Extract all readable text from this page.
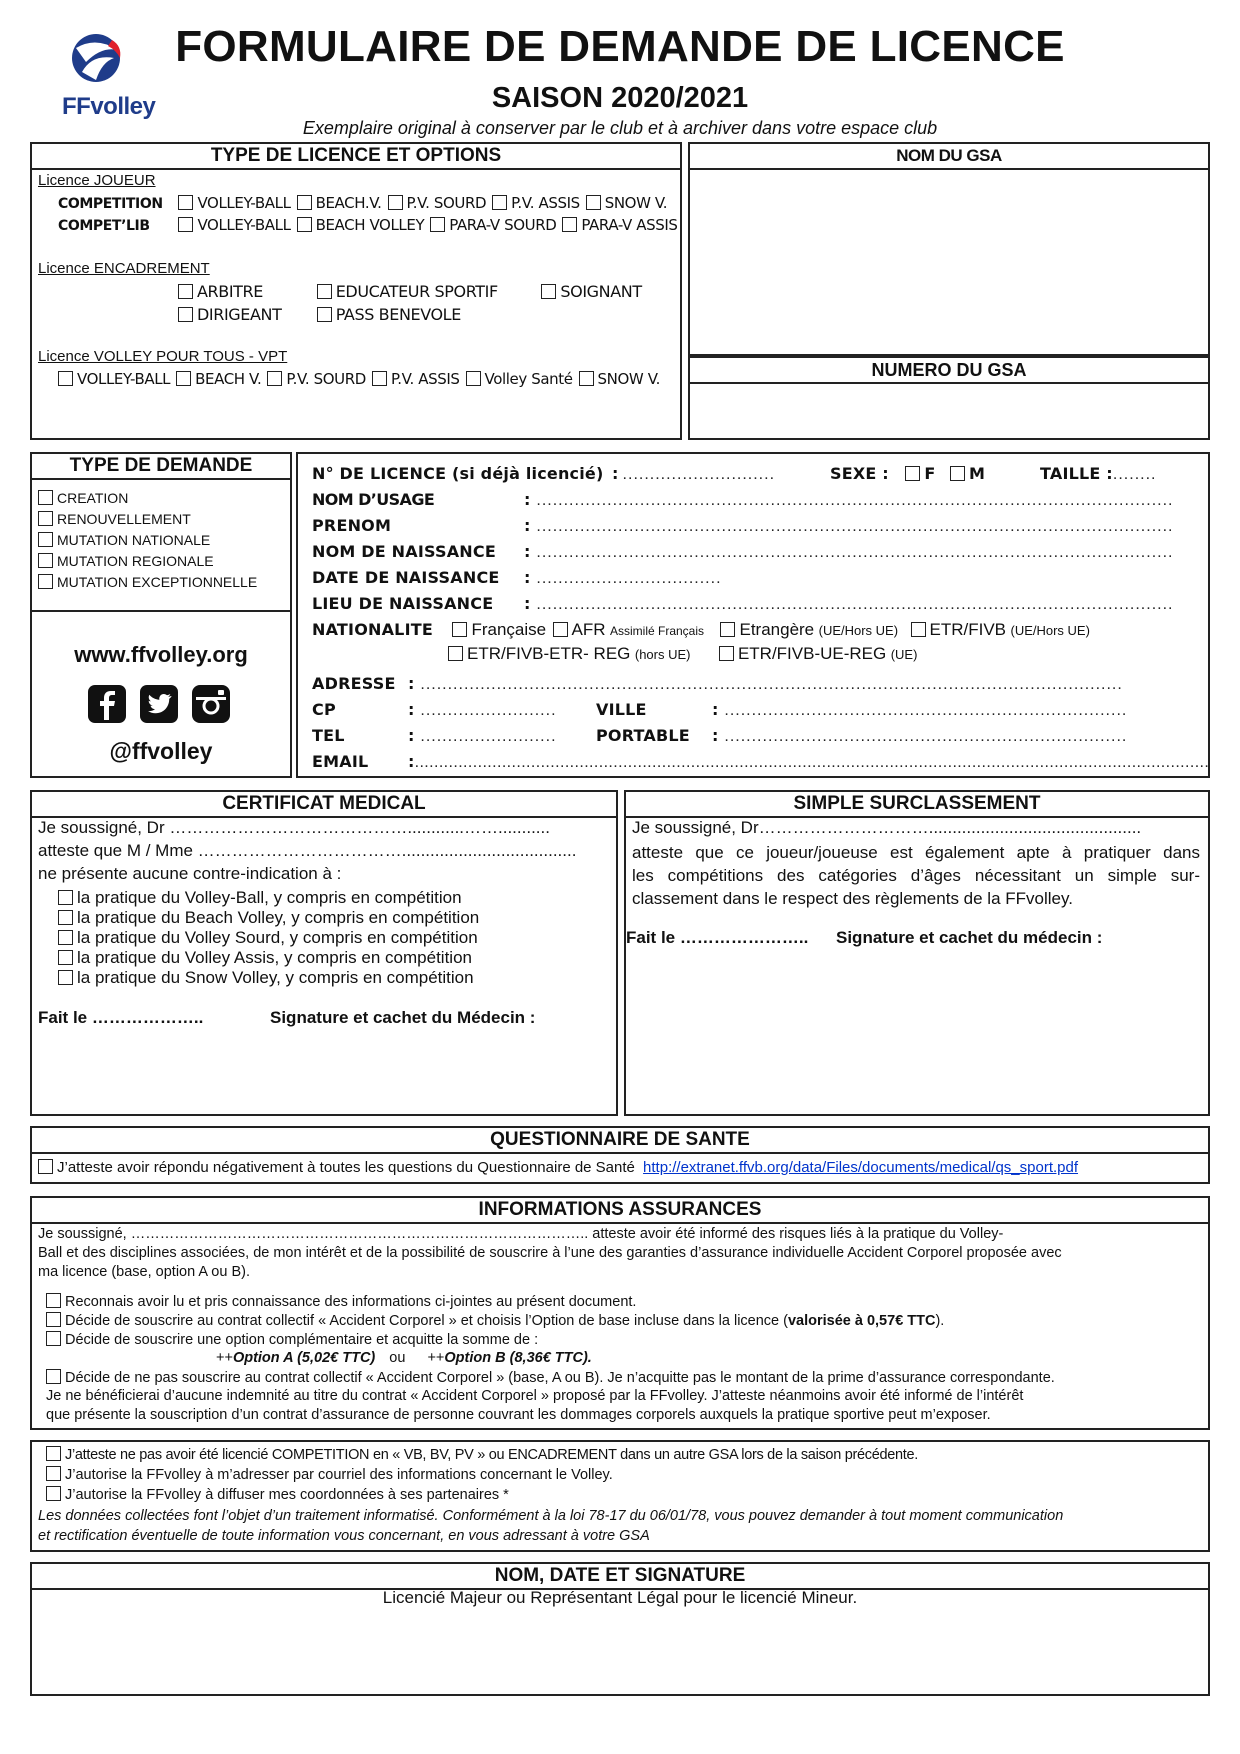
FFvolley
FORMULAIRE DE DEMANDE DE LICENCE
SAISON 2020/2021
Exemplaire original à conserver par le club et à archiver dans votre espace club
TYPE DE LICENCE ET OPTIONS
Licence JOUEUR
COMPETITION VOLLEY-BALL BEACH.V. P.V. SOURD P.V. ASSIS SNOW V.
COMPET’LIB	VOLLEY-BALL BEACH VOLLEY PARA-V SOURD PARA-V ASSIS
Licence ENCADREMENT
ARBITRE	EDUCATEUR SPORTIF	SOIGNANT
DIRIGEANT	PASS BENEVOLE
Licence VOLLEY POUR TOUS - VPT
VOLLEY-BALL BEACH V. P.V. SOURD P.V. ASSIS Volley Santé SNOW V.
NOM DU GSA
NUMERO DU GSA
TYPE DE DEMANDE
CREATION
RENOUVELLEMENT
MUTATION NATIONALE
MUTATION REGIONALE
MUTATION EXCEPTIONNELLE
www.ffvolley.org
@ffvolley
N° DE LICENCE (si déjà licencié) : ............................	SEXE : F M	TAILLE :........
NOM D’USAGE	: .....................................................................................................................
PRENOM	: .....................................................................................................................
NOM DE NAISSANCE : .....................................................................................................................
DATE DE NAISSANCE : ..................................
LIEU DE NAISSANCE : .....................................................................................................................
NATIONALITE Française AFR Assimilé Français Etrangère (UE/Hors UE) ETR/FIVB (UE/Hors UE)
ETR/FIVB-ETR- REG (hors UE)	ETR/FIVB-UE-REG (UE)
ADRESSE : .................................................................................................................................
CP	: ......................... VILLE	: ..........................................................................
TEL	: ......................... PORTABLE : ..........................................................................
EMAIL :....................................................................................................................................................................
CERTIFICAT MEDICAL
Je soussigné, Dr ……………………………………............……...........
atteste que M / Mme ……………………………….....................................
ne présente aucune contre-indication à :
la pratique du Volley-Ball, y compris en compétition
la pratique du Beach Volley, y compris en compétition
la pratique du Volley Sourd, y compris en compétition
la pratique du Volley Assis, y compris en compétition
la pratique du Snow Volley, y compris en compétition
Fait le ………………..	Signature et cachet du Médecin :
SIMPLE SURCLASSEMENT
Je soussigné, Dr………………………….............................................
atteste que ce joueur/joueuse est également apte à pratiquer dans
les compétitions des catégories d’âges nécessitant un simple sur-
classement dans le respect des règlements de la FFvolley.
Fait le ………………….. Signature et cachet du médecin :
QUESTIONNAIRE DE SANTE
J’atteste avoir répondu négativement à toutes les questions du Questionnaire de Santé http://extranet.ffvb.org/data/Files/documents/medical/qs_sport.pdf
INFORMATIONS ASSURANCES
Je soussigné, ………………………………………………………………………………….. atteste avoir été informé des risques liés à la pratique du Volley-
Ball et des disciplines associées, de mon intérêt et de la possibilité de souscrire à l’une des garanties d’assurance individuelle Accident Corporel proposée avec
ma licence (base, option A ou B).
Reconnais avoir lu et pris connaissance des informations ci-jointes au présent document.
Décide de souscrire au contrat collectif « Accident Corporel » et choisis l’Option de base incluse dans la licence (valorisée à 0,57€ TTC).
Décide de souscrire une option complémentaire et acquitte la somme de :
++Option A (5,02€ TTC) ou ++Option B (8,36€ TTC).
Décide de ne pas souscrire au contrat collectif « Accident Corporel » (base, A ou B). Je n’acquitte pas le montant de la prime d’assurance correspondante.
Je ne bénéficierai d’aucune indemnité au titre du contrat « Accident Corporel » proposé par la FFvolley. J’atteste néanmoins avoir été informé de l’intérêt
que présente la souscription d’un contrat d’assurance de personne couvrant les dommages corporels auxquels la pratique sportive peut m’exposer.
J’atteste ne pas avoir été licencié COMPETITION en « VB, BV, PV » ou ENCADREMENT dans un autre GSA lors de la saison précédente.
J’autorise la FFvolley à m’adresser par courriel des informations concernant le Volley.
J’autorise la FFvolley à diffuser mes coordonnées à ses partenaires *
Les données collectées font l’objet d’un traitement informatisé. Conformément à la loi 78-17 du 06/01/78, vous pouvez demander à tout moment communication
et rectification éventuelle de toute information vous concernant, en vous adressant à votre GSA
NOM, DATE ET SIGNATURE
Licencié Majeur ou Représentant Légal pour le licencié Mineur.
